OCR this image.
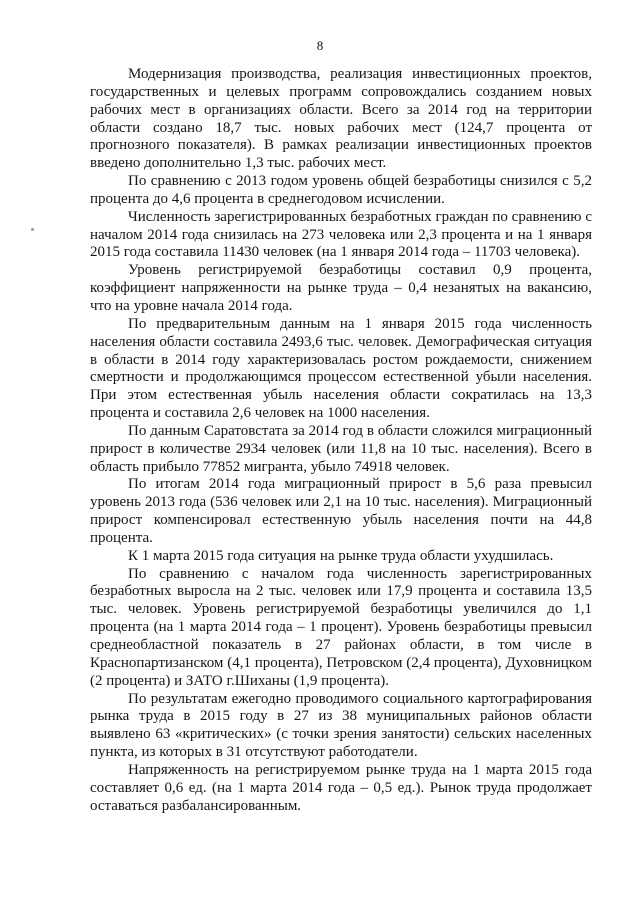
8

Модернизация производства, реализация инвестиционных проектов, государственных и целевых программ сопровождались созданием новых рабочих мест в организациях области. Всего за 2014 год на территории области создано 18,7 тыс. новых рабочих мест (124,7 процента от прогнозного показателя). В рамках реализации инвестиционных проектов введено дополнительно 1,3 тыс. рабочих мест.

По сравнению с 2013 годом уровень общей безработицы снизился с 5,2 процента до 4,6 процента в среднегодовом исчислении.

Численность зарегистрированных безработных граждан по сравнению с началом 2014 года снизилась на 273 человека или 2,3 процента и на 1 января 2015 года составила 11430 человек (на 1 января 2014 года – 11703 человека).

Уровень регистрируемой безработицы составил 0,9 процента, коэффициент напряженности на рынке труда – 0,4 незанятых на вакансию, что на уровне начала 2014 года.

По предварительным данным на 1 января 2015 года численность населения области составила 2493,6 тыс. человек. Демографическая ситуация в области в 2014 году характеризовалась ростом рождаемости, снижением смертности и продолжающимся процессом естественной убыли населения. При этом естественная убыль населения области сократилась на 13,3 процента и составила 2,6 человек на 1000 населения.

По данным Саратовстата за 2014 год в области сложился миграционный прирост в количестве 2934 человек (или 11,8 на 10 тыс. населения). Всего в область прибыло 77852 мигранта, убыло 74918 человек.

По итогам 2014 года миграционный прирост в 5,6 раза превысил уровень 2013 года (536 человек или 2,1 на 10 тыс. населения). Миграционный прирост компенсировал естественную убыль населения почти на 44,8 процента.

К 1 марта 2015 года ситуация на рынке труда области ухудшилась.

По сравнению с началом года численность зарегистрированных безработных выросла на 2 тыс. человек или 17,9 процента и составила 13,5 тыс. человек. Уровень регистрируемой безработицы увеличился до 1,1 процента (на 1 марта 2014 года – 1 процент). Уровень безработицы превысил среднеобластной показатель в 27 районах области, в том числе в Краснопартизанском (4,1 процента), Петровском (2,4 процента), Духовницком (2 процента) и ЗАТО г.Шиханы (1,9 процента).

По результатам ежегодно проводимого социального картографирования рынка труда в 2015 году в 27 из 38 муниципальных районов области выявлено 63 «критических» (с точки зрения занятости) сельских населенных пункта, из которых в 31 отсутствуют работодатели.

Напряженность на регистрируемом рынке труда на 1 марта 2015 года составляет 0,6 ед. (на 1 марта 2014 года – 0,5 ед.). Рынок труда продолжает оставаться разбалансированным.
